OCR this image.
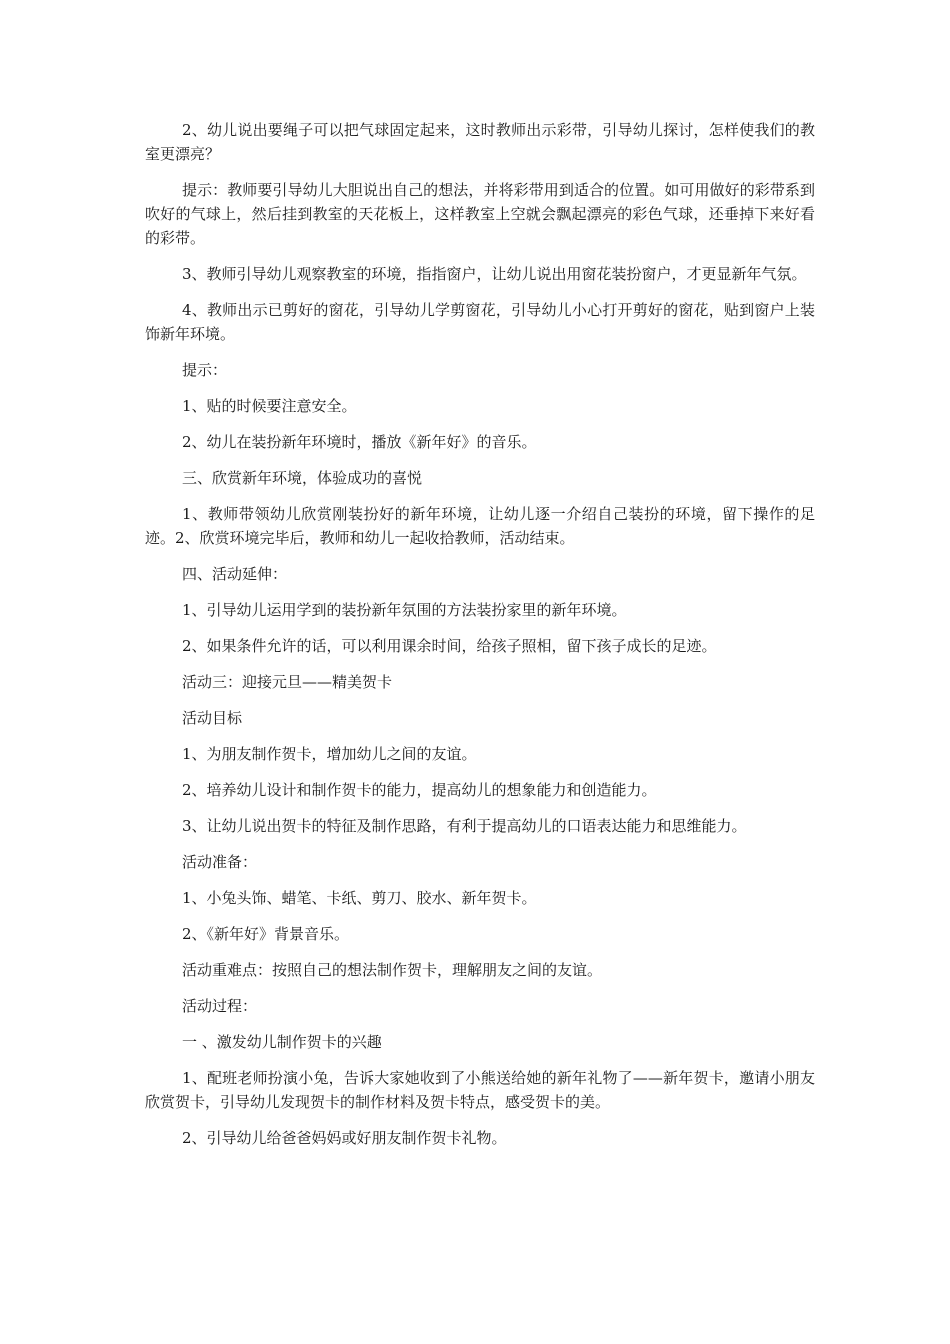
2、幼儿说出要绳子可以把气球固定起来，这时教师出示彩带，引导幼儿探讨，怎样使我们的教室更漂亮？

提示：教师要引导幼儿大胆说出自己的想法，并将彩带用到适合的位置。如可用做好的彩带系到吹好的气球上，然后挂到教室的天花板上，这样教室上空就会飘起漂亮的彩色气球，还垂掉下来好看的彩带。

3、教师引导幼儿观察教室的环境，指指窗户，让幼儿说出用窗花装扮窗户，才更显新年气氛。

4、教师出示已剪好的窗花，引导幼儿学剪窗花，引导幼儿小心打开剪好的窗花，贴到窗户上装饰新年环境。

提示：

1、贴的时候要注意安全。

2、幼儿在装扮新年环境时，播放《新年好》的音乐。

三、欣赏新年环境，体验成功的喜悦

1、教师带领幼儿欣赏刚装扮好的新年环境，让幼儿逐一介绍自己装扮的环境，留下操作的足迹。2、欣赏环境完毕后，教师和幼儿一起收拾教师，活动结束。

四、活动延伸：

1、引导幼儿运用学到的装扮新年氛围的方法装扮家里的新年环境。

2、如果条件允许的话，可以利用课余时间，给孩子照相，留下孩子成长的足迹。

活动三：迎接元旦——精美贺卡

活动目标

1、为朋友制作贺卡，增加幼儿之间的友谊。

2、培养幼儿设计和制作贺卡的能力，提高幼儿的想象能力和创造能力。

3、让幼儿说出贺卡的特征及制作思路，有利于提高幼儿的口语表达能力和思维能力。

活动准备：

1、小兔头饰、蜡笔、卡纸、剪刀、胶水、新年贺卡。

2、《新年好》背景音乐。

活动重难点：按照自己的想法制作贺卡，理解朋友之间的友谊。

活动过程：

一 、激发幼儿制作贺卡的兴趣

1、配班老师扮演小兔，告诉大家她收到了小熊送给她的新年礼物了——新年贺卡，邀请小朋友欣赏贺卡，引导幼儿发现贺卡的制作材料及贺卡特点，感受贺卡的美。

2、引导幼儿给爸爸妈妈或好朋友制作贺卡礼物。
